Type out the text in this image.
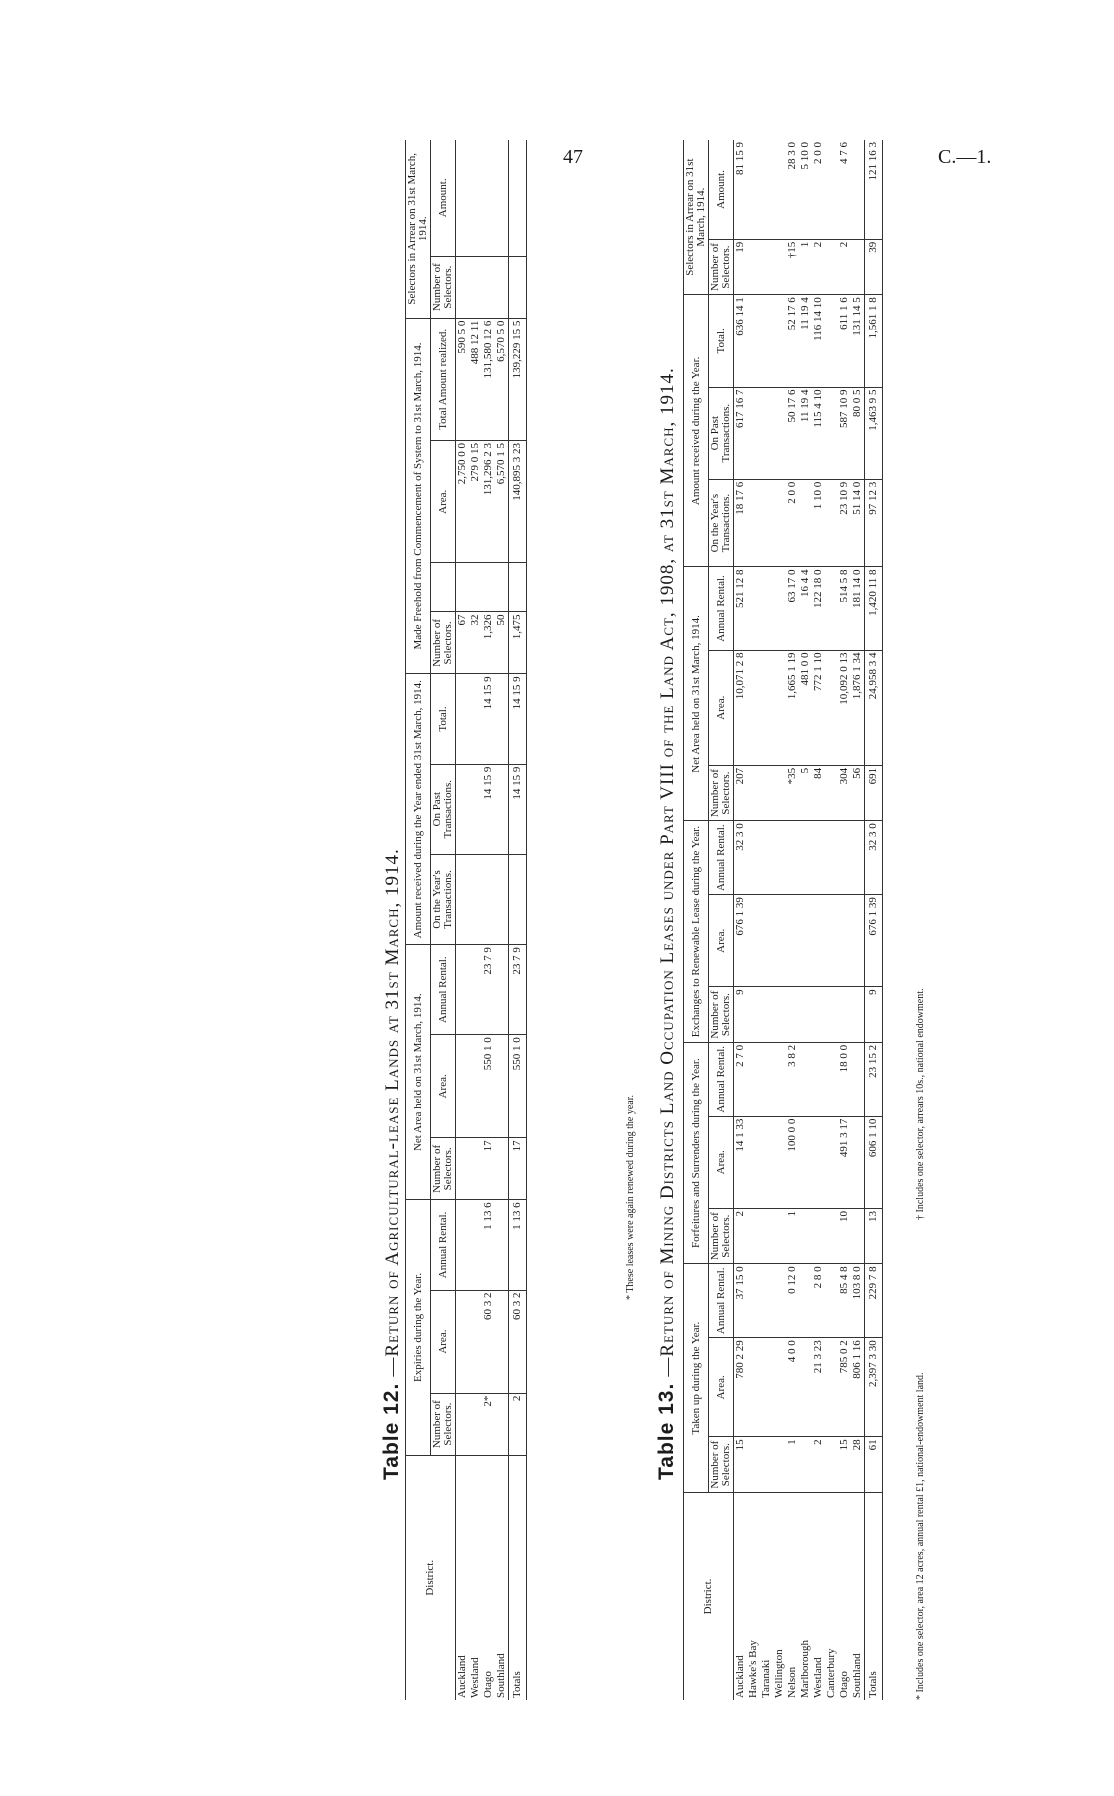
47	C.—1.
Table 12.—Return of Agricultural-lease Lands at 31st March, 1914.
District.	Expiries during the Year.			Net Area held on 31st March, 1914.			Amount received during the Year ended 31st March, 1914.			Made Freehold from Commencement of System to 31st March, 1914.				Selectors in Arrear on 31st March, 1914.	
	Number of Selectors.	Area.	Annual Rental.	Number of Selectors.	Area.	Annual Rental.	On the Year's Transactions.	On Past Transactions.	Total.	Number of Selectors.		Area.	Total Amount realized.	Number of Selectors.	Amount.
Auckland										67		2,750 0 0	590 5 0		
Westland										32		279 0 15	488 12 11		
Otago	2*	60 3 2	1 13 6	17	550 1 0	23 7 9		14 15 9	14 15 9	1,326		131,296 2 3	131,580 12 6		
Southland										50		6,570 1 5	6,570 5 0		
Totals	2	60 3 2	1 13 6	17	550 1 0	23 7 9		14 15 9	14 15 9	1,475		140,895 3 23	139,229 15 5		
* These leases were again renewed during the year.
Table 13.—Return of Mining Districts Land Occupation Leases under Part VIII of the Land Act, 1908, at 31st March, 1914.
District.	Taken up during the Year.			Forfeitures and Surrenders during the Year.			Exchanges to Renewable Lease during the Year.			Net Area held on 31st March, 1914.			Amount received during the Year.			Selectors in Arrear on 31st March, 1914.	
	Number of Selectors.	Area.	Annual Rental.	Number of Selectors.	Area.	Annual Rental.	Number of Selectors.	Area.	Annual Rental.	Number of Selectors.	Area.	Annual Rental.	On the Year's Transactions.	On Past Transactions.	Total.	Number of Selectors.	Amount.
Auckland	15	780 2 29	37 15 0	2	14 1 33	2 7 0	9	676 1 39	32 3 0	207	10,071 2 8	521 12 8	18 17 6	617 16 7	636 14 1	19	81 15 9
Hawke's Bay																	
Taranaki																	
Wellington																	
Nelson	1	4 0 0	0 12 0	1	100 0 0	3 8 2				*35	1,665 1 19	63 17 0	2 0 0	50 17 6	52 17 6	†15	28 3 0
Marlborough										5	481 0 0	16 4 4		11 19 4	11 19 4	1	5 10 0
Westland	2	21 3 23	2 8 0							84	772 1 10	122 18 0	1 10 0	115 4 10	116 14 10	2	2 0 0
Canterbury																	
Otago	15	785 0 2	85 4 8	10	491 3 17	18 0 0				304	10,092 0 13	514 5 8	23 10 9	587 10 9	611 1 6	2	4 7 6
Southland	28	806 1 16	103 8 0							56	1,876 1 34	181 14 0	51 14 0	80 0 5	131 14 5		
Totals	61	2,397 3 30	229 7 8	13	606 1 10	23 15 2	9	676 1 39	32 3 0	691	24,958 3 4	1,420 11 8	97 12 3	1,463 9 5	1,561 1 8	39	121 16 3
* Includes one selector, area 12 acres, annual rental £1, national-endowment land. † Includes one selector, arrears 10s., national endowment.
